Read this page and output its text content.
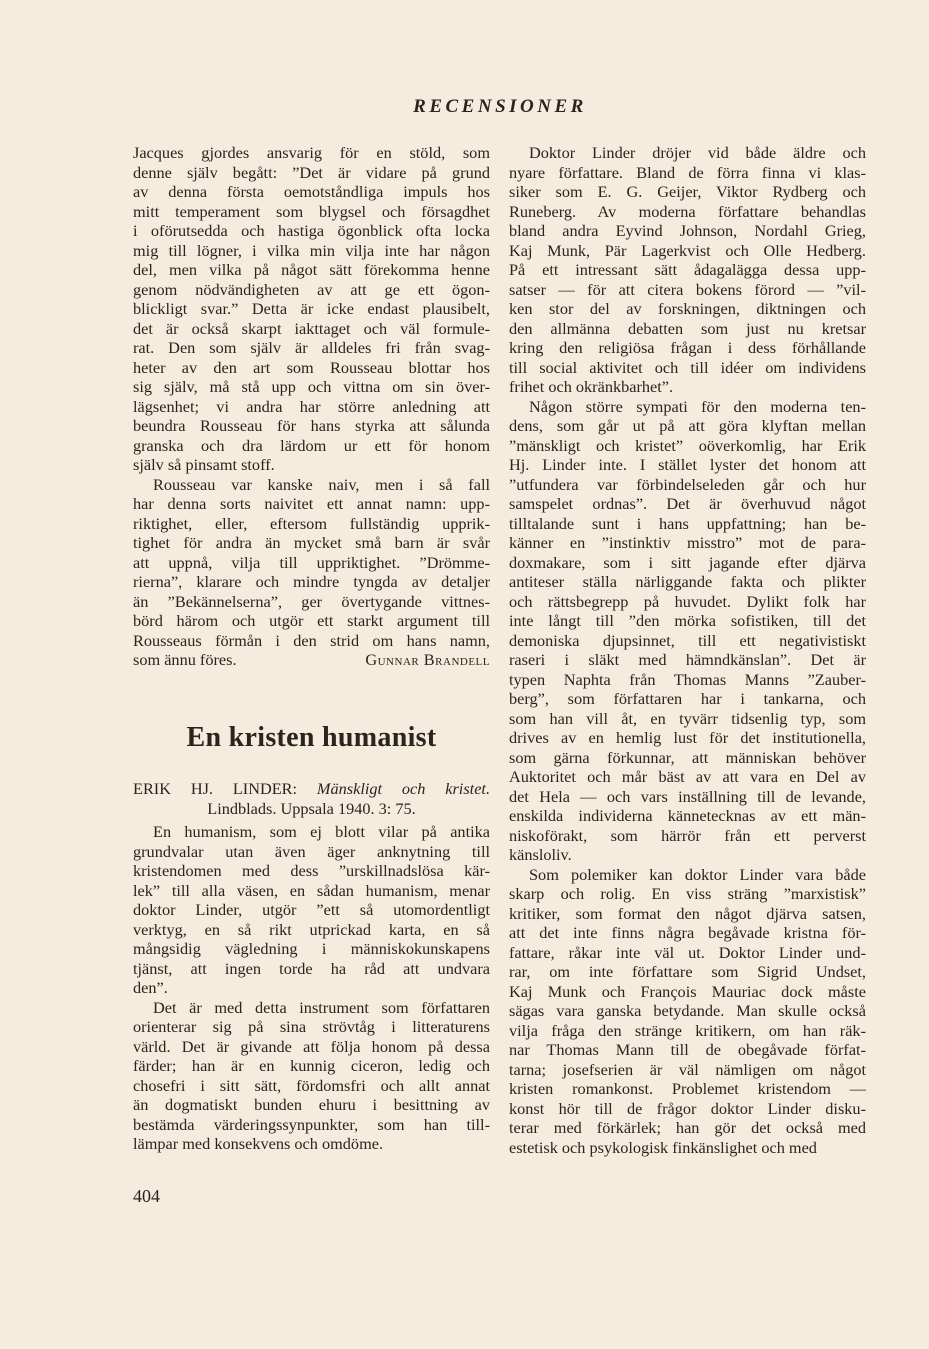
RECENSIONER
Jacques gjordes ansvarig för en stöld, som
denne själv begått: ”Det är vidare på grund
av denna första oemotståndliga impuls hos
mitt temperament som blygsel och försagdhet
i oförutsedda och hastiga ögonblick ofta locka
mig till lögner, i vilka min vilja inte har någon
del, men vilka på något sätt förekomma henne
genom nödvändigheten av att ge ett ögon-
blickligt svar.” Detta är icke endast plausibelt,
det är också skarpt iakttaget och väl formule-
rat. Den som själv är alldeles fri från svag-
heter av den art som Rousseau blottar hos
sig själv, må stå upp och vittna om sin över-
lägsenhet; vi andra har större anledning att
beundra Rousseau för hans styrka att sålunda
granska och dra lärdom ur ett för honom
själv så pinsamt stoff.
Rousseau var kanske naiv, men i så fall
har denna sorts naivitet ett annat namn: upp-
riktighet, eller, eftersom fullständig upprik-
tighet för andra än mycket små barn är svår
att uppnå, vilja till uppriktighet. ”Drömme-
rierna”, klarare och mindre tyngda av detaljer
än ”Bekännelserna”, ger övertygande vittnes-
börd härom och utgör ett starkt argument till
Rousseaus förmån i den strid om hans namn,
som ännu föres.	Gunnar Brandell
En kristen humanist
ERIK HJ. LINDER: Mänskligt och kristet.
Lindblads. Uppsala 1940. 3: 75.
En humanism, som ej blott vilar på antika
grundvalar utan även äger anknytning till
kristendomen med dess ”urskillnadslösa kär-
lek” till alla väsen, en sådan humanism, menar
doktor Linder, utgör ”ett så utomordentligt
verktyg, en så rikt utprickad karta, en så
mångsidig vägledning i människokunskapens
tjänst, att ingen torde ha råd att undvara
den”.
Det är med detta instrument som författaren
orienterar sig på sina strövtåg i litteraturens
värld. Det är givande att följa honom på dessa
färder; han är en kunnig ciceron, ledig och
chosefri i sitt sätt, fördomsfri och allt annat
än dogmatiskt bunden ehuru i besittning av
bestämda värderingssynpunkter, som han till-
lämpar med konsekvens och omdöme.
Doktor Linder dröjer vid både äldre och
nyare författare. Bland de förra finna vi klas-
siker som E. G. Geijer, Viktor Rydberg och
Runeberg. Av moderna författare behandlas
bland andra Eyvind Johnson, Nordahl Grieg,
Kaj Munk, Pär Lagerkvist och Olle Hedberg.
På ett intressant sätt ådagalägga dessa upp-
satser — för att citera bokens förord — ”vil-
ken stor del av forskningen, diktningen och
den allmänna debatten som just nu kretsar
kring den religiösa frågan i dess förhållande
till social aktivitet och till idéer om individens
frihet och okränkbarhet”.
Någon större sympati för den moderna ten-
dens, som går ut på att göra klyftan mellan
”mänskligt och kristet” oöverkomlig, har Erik
Hj. Linder inte. I stället lyster det honom att
”utfundera var förbindelseleden går och hur
samspelet ordnas”. Det är överhuvud något
tilltalande sunt i hans uppfattning; han be-
känner en ”instinktiv misstro” mot de para-
doxmakare, som i sitt jagande efter djärva
antiteser ställa närliggande fakta och plikter
och rättsbegrepp på huvudet. Dylikt folk har
inte långt till ”den mörka sofistiken, till det
demoniska djupsinnet, till ett negativistiskt
raseri i släkt med hämndkänslan”. Det är
typen Naphta från Thomas Manns ”Zauber-
berg”, som författaren har i tankarna, och
som han vill åt, en tyvärr tidsenlig typ, som
drives av en hemlig lust för det institutionella,
som gärna förkunnar, att människan behöver
Auktoritet och mår bäst av att vara en Del av
det Hela — och vars inställning till de levande,
enskilda individerna kännetecknas av ett män-
niskoförakt, som härrör från ett perverst
känsloliv.
Som polemiker kan doktor Linder vara både
skarp och rolig. En viss sträng ”marxistisk”
kritiker, som format den något djärva satsen,
att det inte finns några begåvade kristna för-
fattare, råkar inte väl ut. Doktor Linder und-
rar, om inte författare som Sigrid Undset,
Kaj Munk och François Mauriac dock måste
sägas vara ganska betydande. Man skulle också
vilja fråga den stränge kritikern, om han räk-
nar Thomas Mann till de obegåvade förfat-
tarna; josefserien är väl nämligen om något
kristen romankonst. Problemet kristendom —
konst hör till de frågor doktor Linder disku-
terar med förkärlek; han gör det också med
estetisk och psykologisk finkänslighet och med
404
